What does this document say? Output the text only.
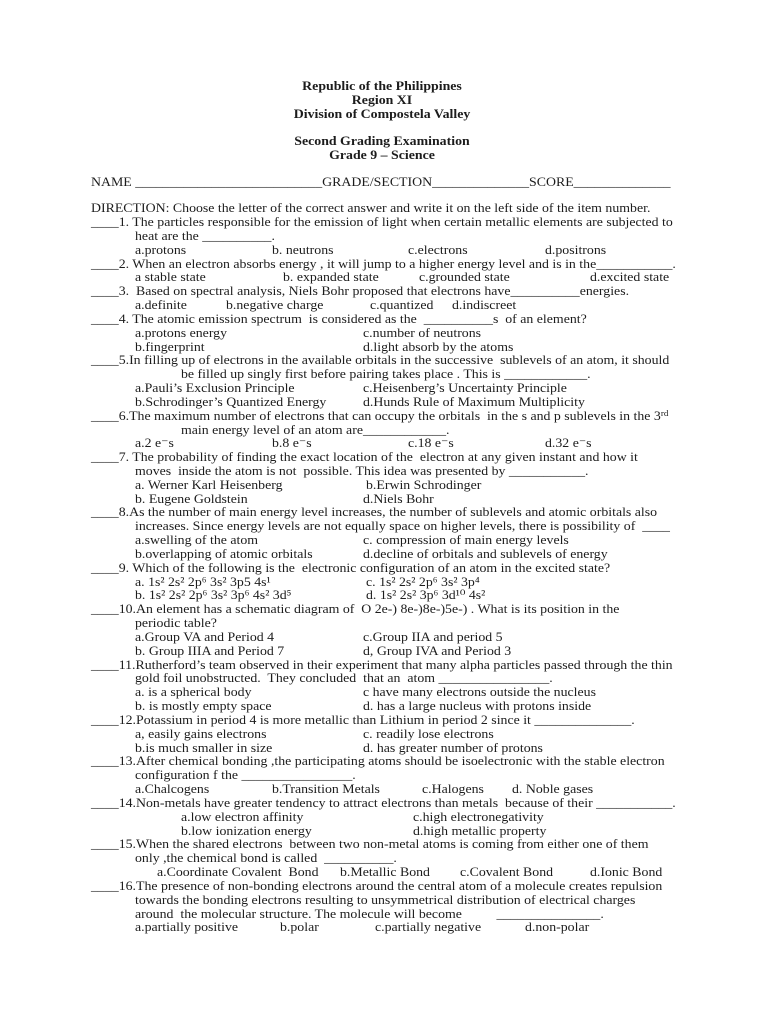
Republic of the Philippines
Region XI
Division of Compostela Valley
Second Grading Examination
Grade 9 – Science
NAME ___________________________GRADE/SECTION______________SCORE______________
DIRECTION: Choose the letter of the correct answer and write it on the left side of the item number.
____1. The particles responsible for the emission of light when certain metallic elements are subjected to
heat are the __________.
a.protons	b. neutrons	c.electrons	d.positrons
____2. When an electron absorbs energy , it will jump to a higher energy level and is in the___________.
a stable state	b. expanded state	c.grounded state	d.excited state
____3.  Based on spectral analysis, Niels Bohr proposed that electrons have__________energies.
a.definite	b.negative charge	c.quantized d.indiscreet
____4. The atomic emission spectrum  is considered as the  __________s  of an element?
a.protons energy	c.number of neutrons
b.fingerprint	d.light absorb by the atoms
____5.In filling up of electrons in the available orbitals in the successive  sublevels of an atom, it should
be filled up singly first before pairing takes place . This is ____________.
a.Pauli’s Exclusion Principle	c.Heisenberg’s Uncertainty Principle
b.Schrodinger’s Quantized Energy	d.Hunds Rule of Maximum Multiplicity
____6.The maximum number of electrons that can occupy the orbitals  in the s and p sublevels in the 3rd
main energy level of an atom are____________.
a.2 e⁻s	b.8 e⁻s	c.18 e⁻s	d.32 e⁻s
____7. The probability of finding the exact location of the  electron at any given instant and how it
moves  inside the atom is not  possible. This idea was presented by ___________.
a. Werner Karl Heisenberg	b.Erwin Schrodinger
b. Eugene Goldstein	d.Niels Bohr
____8.As the number of main energy level increases, the number of sublevels and atomic orbitals also
increases. Since energy levels are not equally space on higher levels, there is possibility of  ____
a.swelling of the atom	c. compression of main energy levels
b.overlapping of atomic orbitals	d.decline of orbitals and sublevels of energy
____9. Which of the following is the  electronic configuration of an atom in the excited state?
a. 1s² 2s² 2p⁶ 3s² 3p5 4s¹	c. 1s² 2s² 2p⁶ 3s² 3p⁴
b. 1s² 2s² 2p⁶ 3s² 3p⁶ 4s² 3d⁵	d. 1s² 2s² 3p⁶ 3d¹⁰ 4s²
____10.An element has a schematic diagram of  O 2e-) 8e-)8e-)5e-) . What is its position in the
periodic table?
a.Group VA and Period 4	c.Group IIA and period 5
b. Group IIIA and Period 7	d, Group IVA and Period 3
____11.Rutherford’s team observed in their experiment that many alpha particles passed through the thin
gold foil unobstructed.  They concluded  that an  atom ________________.
a. is a spherical body	c have many electrons outside the nucleus
b. is mostly empty space	d. has a large nucleus with protons inside
____12.Potassium in period 4 is more metallic than Lithium in period 2 since it ______________.
a, easily gains electrons	c. readily lose electrons
b.is much smaller in size	d. has greater number of protons
____13.After chemical bonding ,the participating atoms should be isoelectronic with the stable electron
configuration f the ________________.
a.Chalcogens	b.Transition Metals	c.Halogens d. Noble gases
____14.Non-metals have greater tendency to attract electrons than metals  because of their ___________.
a.low electron affinity	c.high electronegativity
b.low ionization energy	d.high metallic property
____15.When the shared electrons  between two non-metal atoms is coming from either one of them
only ,the chemical bond is called  __________.
a.Coordinate Covalent  Bond b.Metallic Bond c.Covalent Bond	d.Ionic Bond
____16.The presence of non-bonding electrons around the central atom of a molecule creates repulsion
towards the bonding electrons resulting to unsymmetrical distribution of electrical charges
around  the molecular structure. The molecule will become          _______________.
a.partially positive	b.polar	c.partially negative	d.non-polar
